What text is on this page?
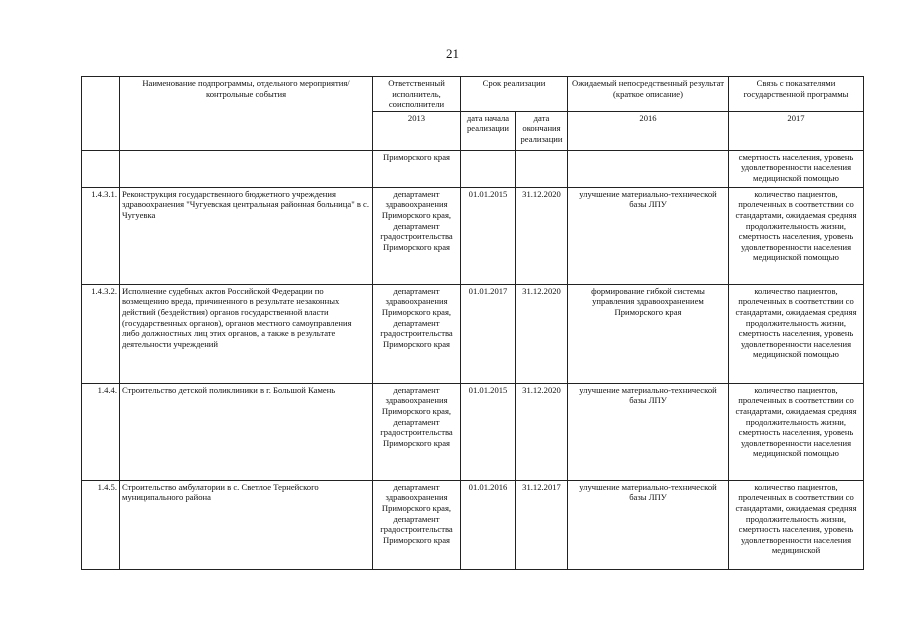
21
	Наименование подпрограммы, отдельного мероприятия/контрольные события	Ответственный исполнитель, соисполнители	Срок реализации		Ожидаемый непосредственный результат (краткое описание)	Связь с показателями государственной программы
		2013	дата начала реализации	дата окончания реализации	2016	2017
		Приморского края				смертность населения, уровень удовлетворенности населения медицинской помощью
1.4.3.1.	Реконструкция государственного бюджетного учреждения здравоохранения "Чугуевская центральная районная больница" в с. Чугуевка	департамент здравоохранения Приморского края, департамент градостроительства Приморского края	01.01.2015	31.12.2020	улучшение материально-технической базы ЛПУ	количество пациентов, пролеченных в соответствии со стандартами, ожидаемая средняя продолжительность жизни, смертность населения, уровень удовлетворенности населения медицинской помощью
1.4.3.2.	Исполнение судебных актов Российской Федерации по возмещению вреда, причиненного в результате незаконных действий (бездействия) органов государственной власти (государственных органов), органов местного самоуправления либо должностных лиц этих органов, а также в результате деятельности учреждений	департамент здравоохранения Приморского края, департамент градостроительства Приморского края	01.01.2017	31.12.2020	формирование гибкой системы управления здравоохранением Приморского края	количество пациентов, пролеченных в соответствии со стандартами, ожидаемая средняя продолжительность жизни, смертность населения, уровень удовлетворенности населения медицинской помощью
1.4.4.	Строительство детской поликлиники в г. Большой Камень	департамент здравоохранения Приморского края, департамент градостроительства Приморского края	01.01.2015	31.12.2020	улучшение материально-технической базы ЛПУ	количество пациентов, пролеченных в соответствии со стандартами, ожидаемая средняя продолжительность жизни, смертность населения, уровень удовлетворенности населения медицинской помощью
1.4.5.	Строительство амбулатории в с. Светлое Тернейского муниципального района	департамент здравоохранения Приморского края, департамент градостроительства Приморского края	01.01.2016	31.12.2017	улучшение материально-технической базы ЛПУ	количество пациентов, пролеченных в соответствии со стандартами, ожидаемая средняя продолжительность жизни, смертность населения, уровень удовлетворенности населения медицинской
